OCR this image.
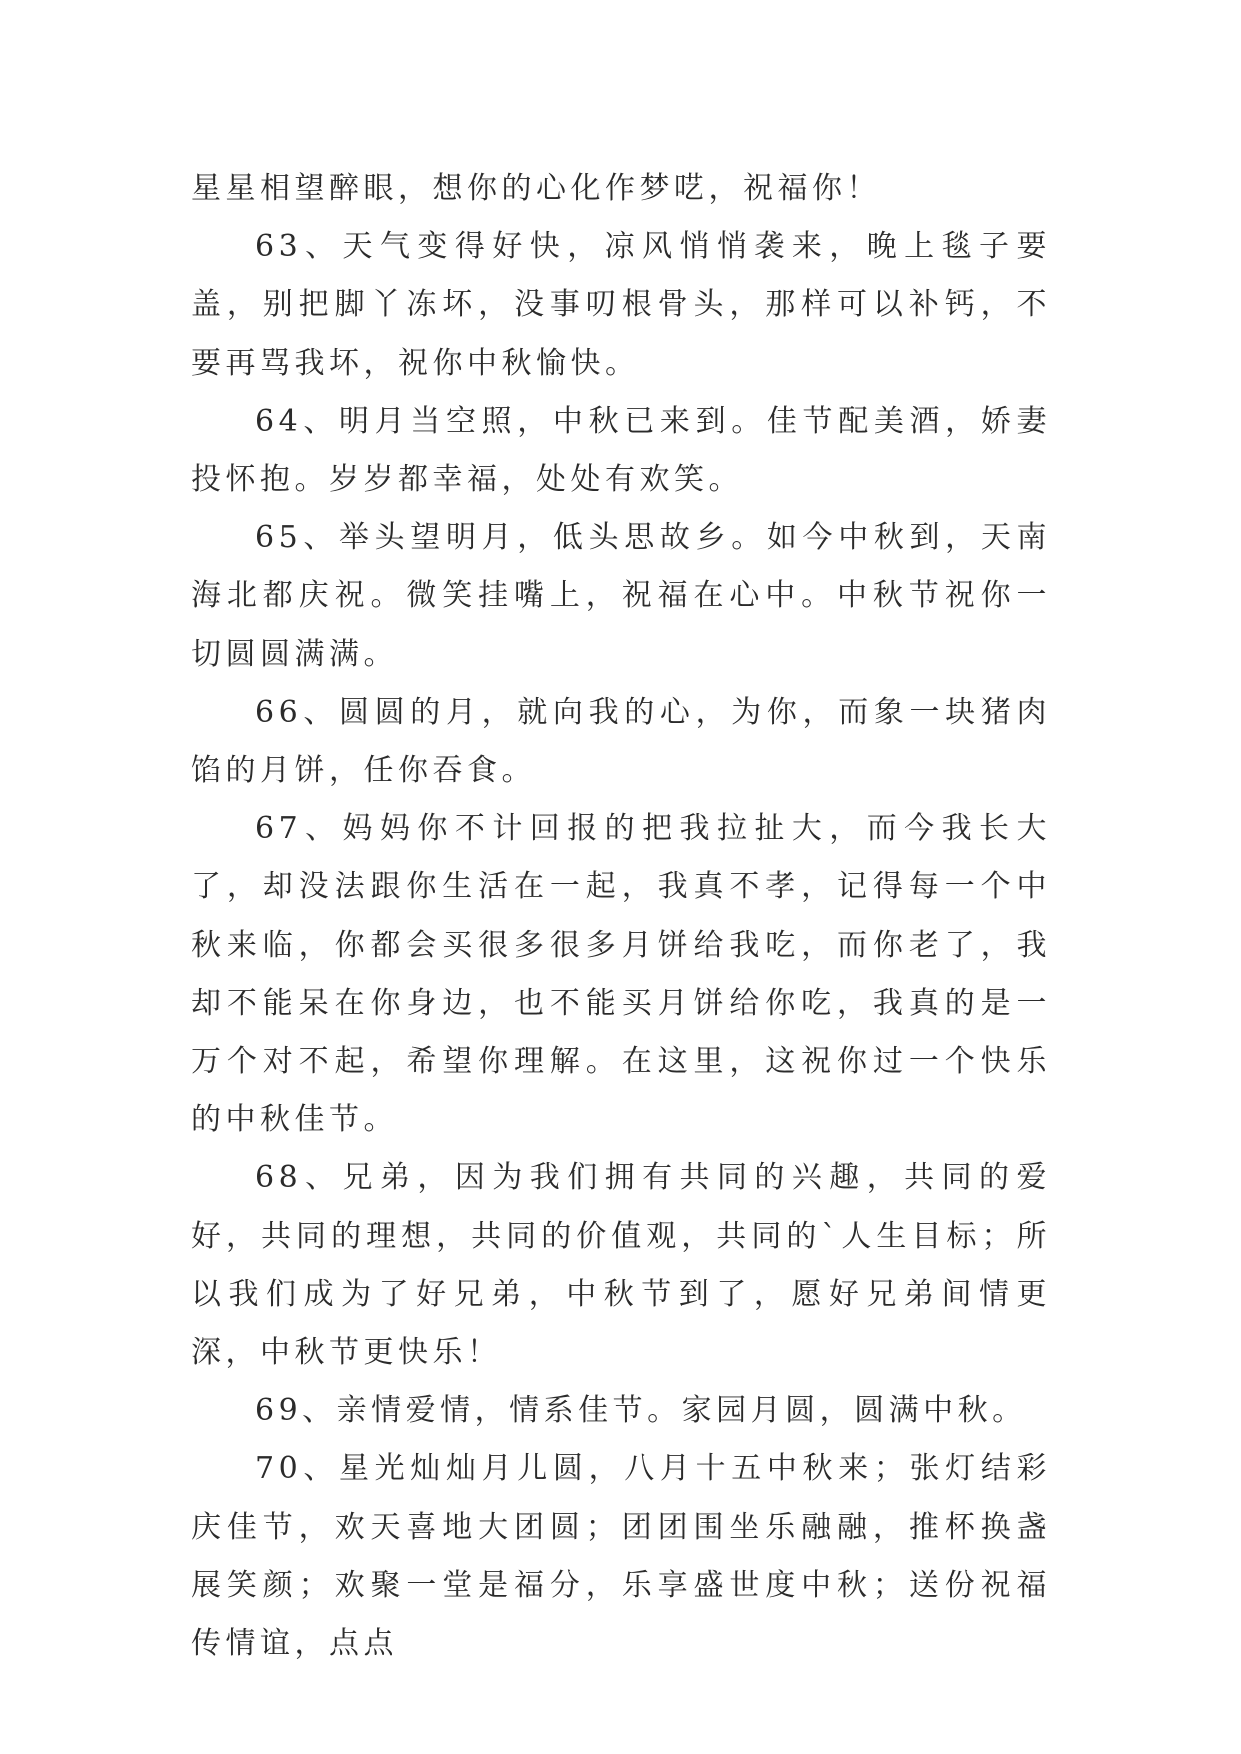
星星相望醉眼，想你的心化作梦呓，祝福你！

63、天气变得好快，凉风悄悄袭来，晚上毯子要盖，别把脚丫冻坏，没事叨根骨头，那样可以补钙，不要再骂我坏，祝你中秋愉快。

64、明月当空照，中秋已来到。佳节配美酒，娇妻投怀抱。岁岁都幸福，处处有欢笑。

65、举头望明月，低头思故乡。如今中秋到，天南海北都庆祝。微笑挂嘴上，祝福在心中。中秋节祝你一切圆圆满满。

66、圆圆的月，就向我的心，为你，而象一块猪肉馅的月饼，任你吞食。

67、妈妈你不计回报的把我拉扯大，而今我长大了，却没法跟你生活在一起，我真不孝，记得每一个中秋来临，你都会买很多很多月饼给我吃，而你老了，我却不能呆在你身边，也不能买月饼给你吃，我真的是一万个对不起，希望你理解。在这里，这祝你过一个快乐的中秋佳节。

68、兄弟，因为我们拥有共同的兴趣，共同的爱好，共同的理想，共同的价值观，共同的`人生目标；所以我们成为了好兄弟，中秋节到了，愿好兄弟间情更深，中秋节更快乐！

69、亲情爱情，情系佳节。家园月圆，圆满中秋。

70、星光灿灿月儿圆，八月十五中秋来；张灯结彩庆佳节，欢天喜地大团圆；团团围坐乐融融，推杯换盏展笑颜；欢聚一堂是福分，乐享盛世度中秋；送份祝福传情谊，点点
